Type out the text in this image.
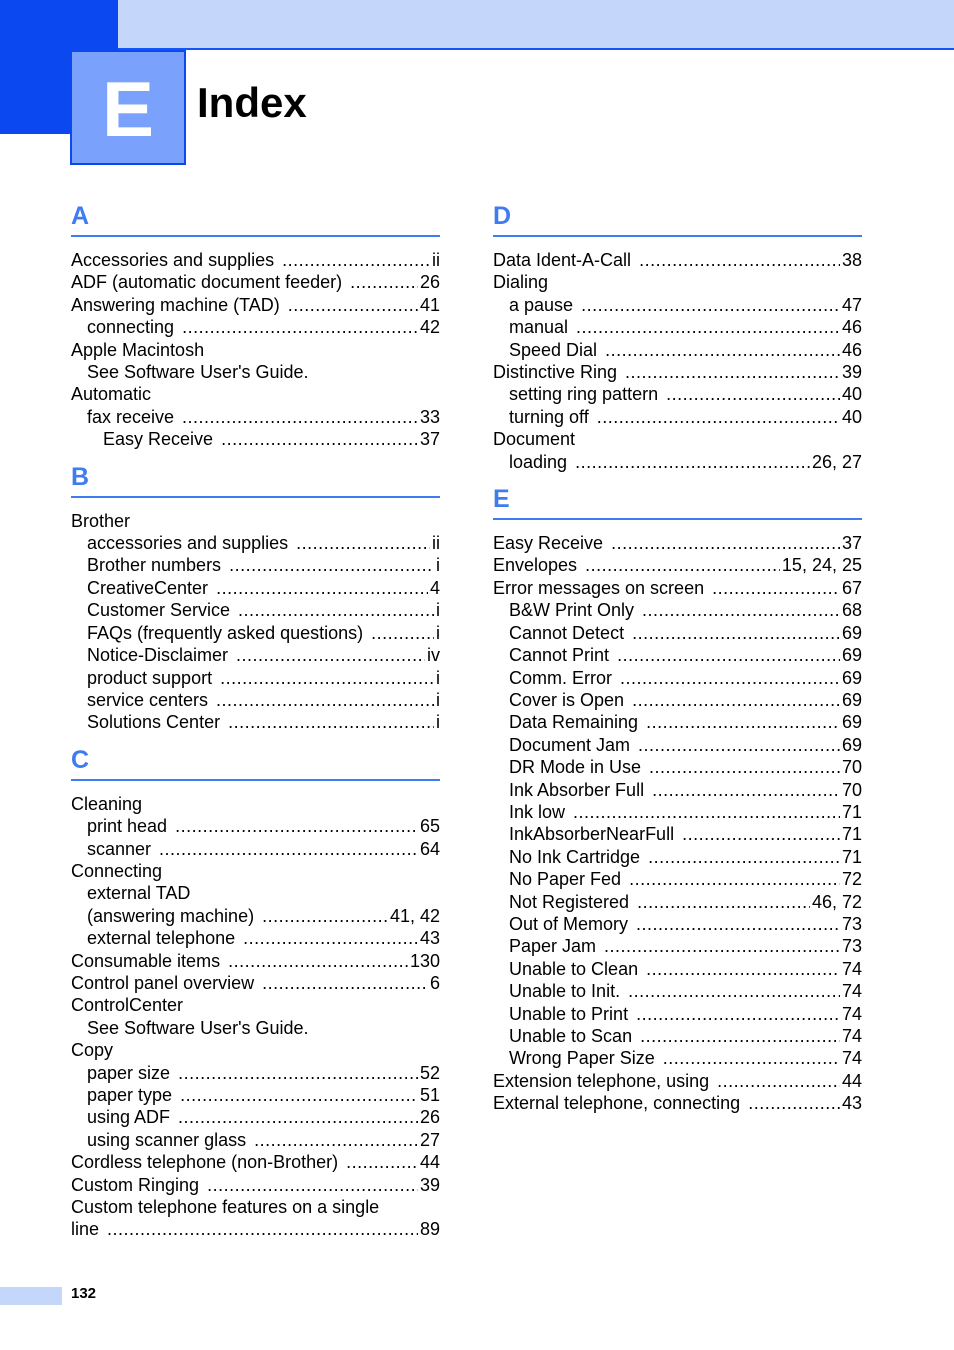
E	Index
A
Accessories and supplies .....	ii
ADF (automatic document feeder) .....	26
Answering machine (TAD) .....	41
connecting .....	42
Apple Macintosh
See Software User's Guide.
Automatic
fax receive .....	33
Easy Receive .....	37
B
Brother
accessories and supplies .....	ii
Brother numbers .....	i
CreativeCenter .....	4
Customer Service .....	i
FAQs (frequently asked questions) .....	i
Notice-Disclaimer .....	iv
product support .....	i
service centers .....	i
Solutions Center .....	i
C
Cleaning
print head .....	65
scanner .....	64
Connecting
external TAD
(answering machine) .....	41, 42
external telephone .....	43
Consumable items .....	130
Control panel overview .....	6
ControlCenter
See Software User's Guide.
Copy
paper size .....	52
paper type .....	51
using ADF .....	26
using scanner glass .....	27
Cordless telephone (non-Brother) .....	44
Custom Ringing .....	39
Custom telephone features on a single
line .....	89
D
Data Ident-A-Call .....	38
Dialing
a pause .....	47
manual .....	46
Speed Dial .....	46
Distinctive Ring .....	39
setting ring pattern .....	40
turning off .....	40
Document
loading .....	26, 27
E
Easy Receive .....	37
Envelopes .....	15, 24, 25
Error messages on screen .....	67
B&W Print Only .....	68
Cannot Detect .....	69
Cannot Print .....	69
Comm. Error .....	69
Cover is Open .....	69
Data Remaining .....	69
Document Jam .....	69
DR Mode in Use .....	70
Ink Absorber Full .....	70
Ink low .....	71
InkAbsorberNearFull .....	71
No Ink Cartridge .....	71
No Paper Fed .....	72
Not Registered .....	46, 72
Out of Memory .....	73
Paper Jam .....	73
Unable to Clean .....	74
Unable to Init. .....	74
Unable to Print .....	74
Unable to Scan .....	74
Wrong Paper Size .....	74
Extension telephone, using .....	44
External telephone, connecting .....	43
132
